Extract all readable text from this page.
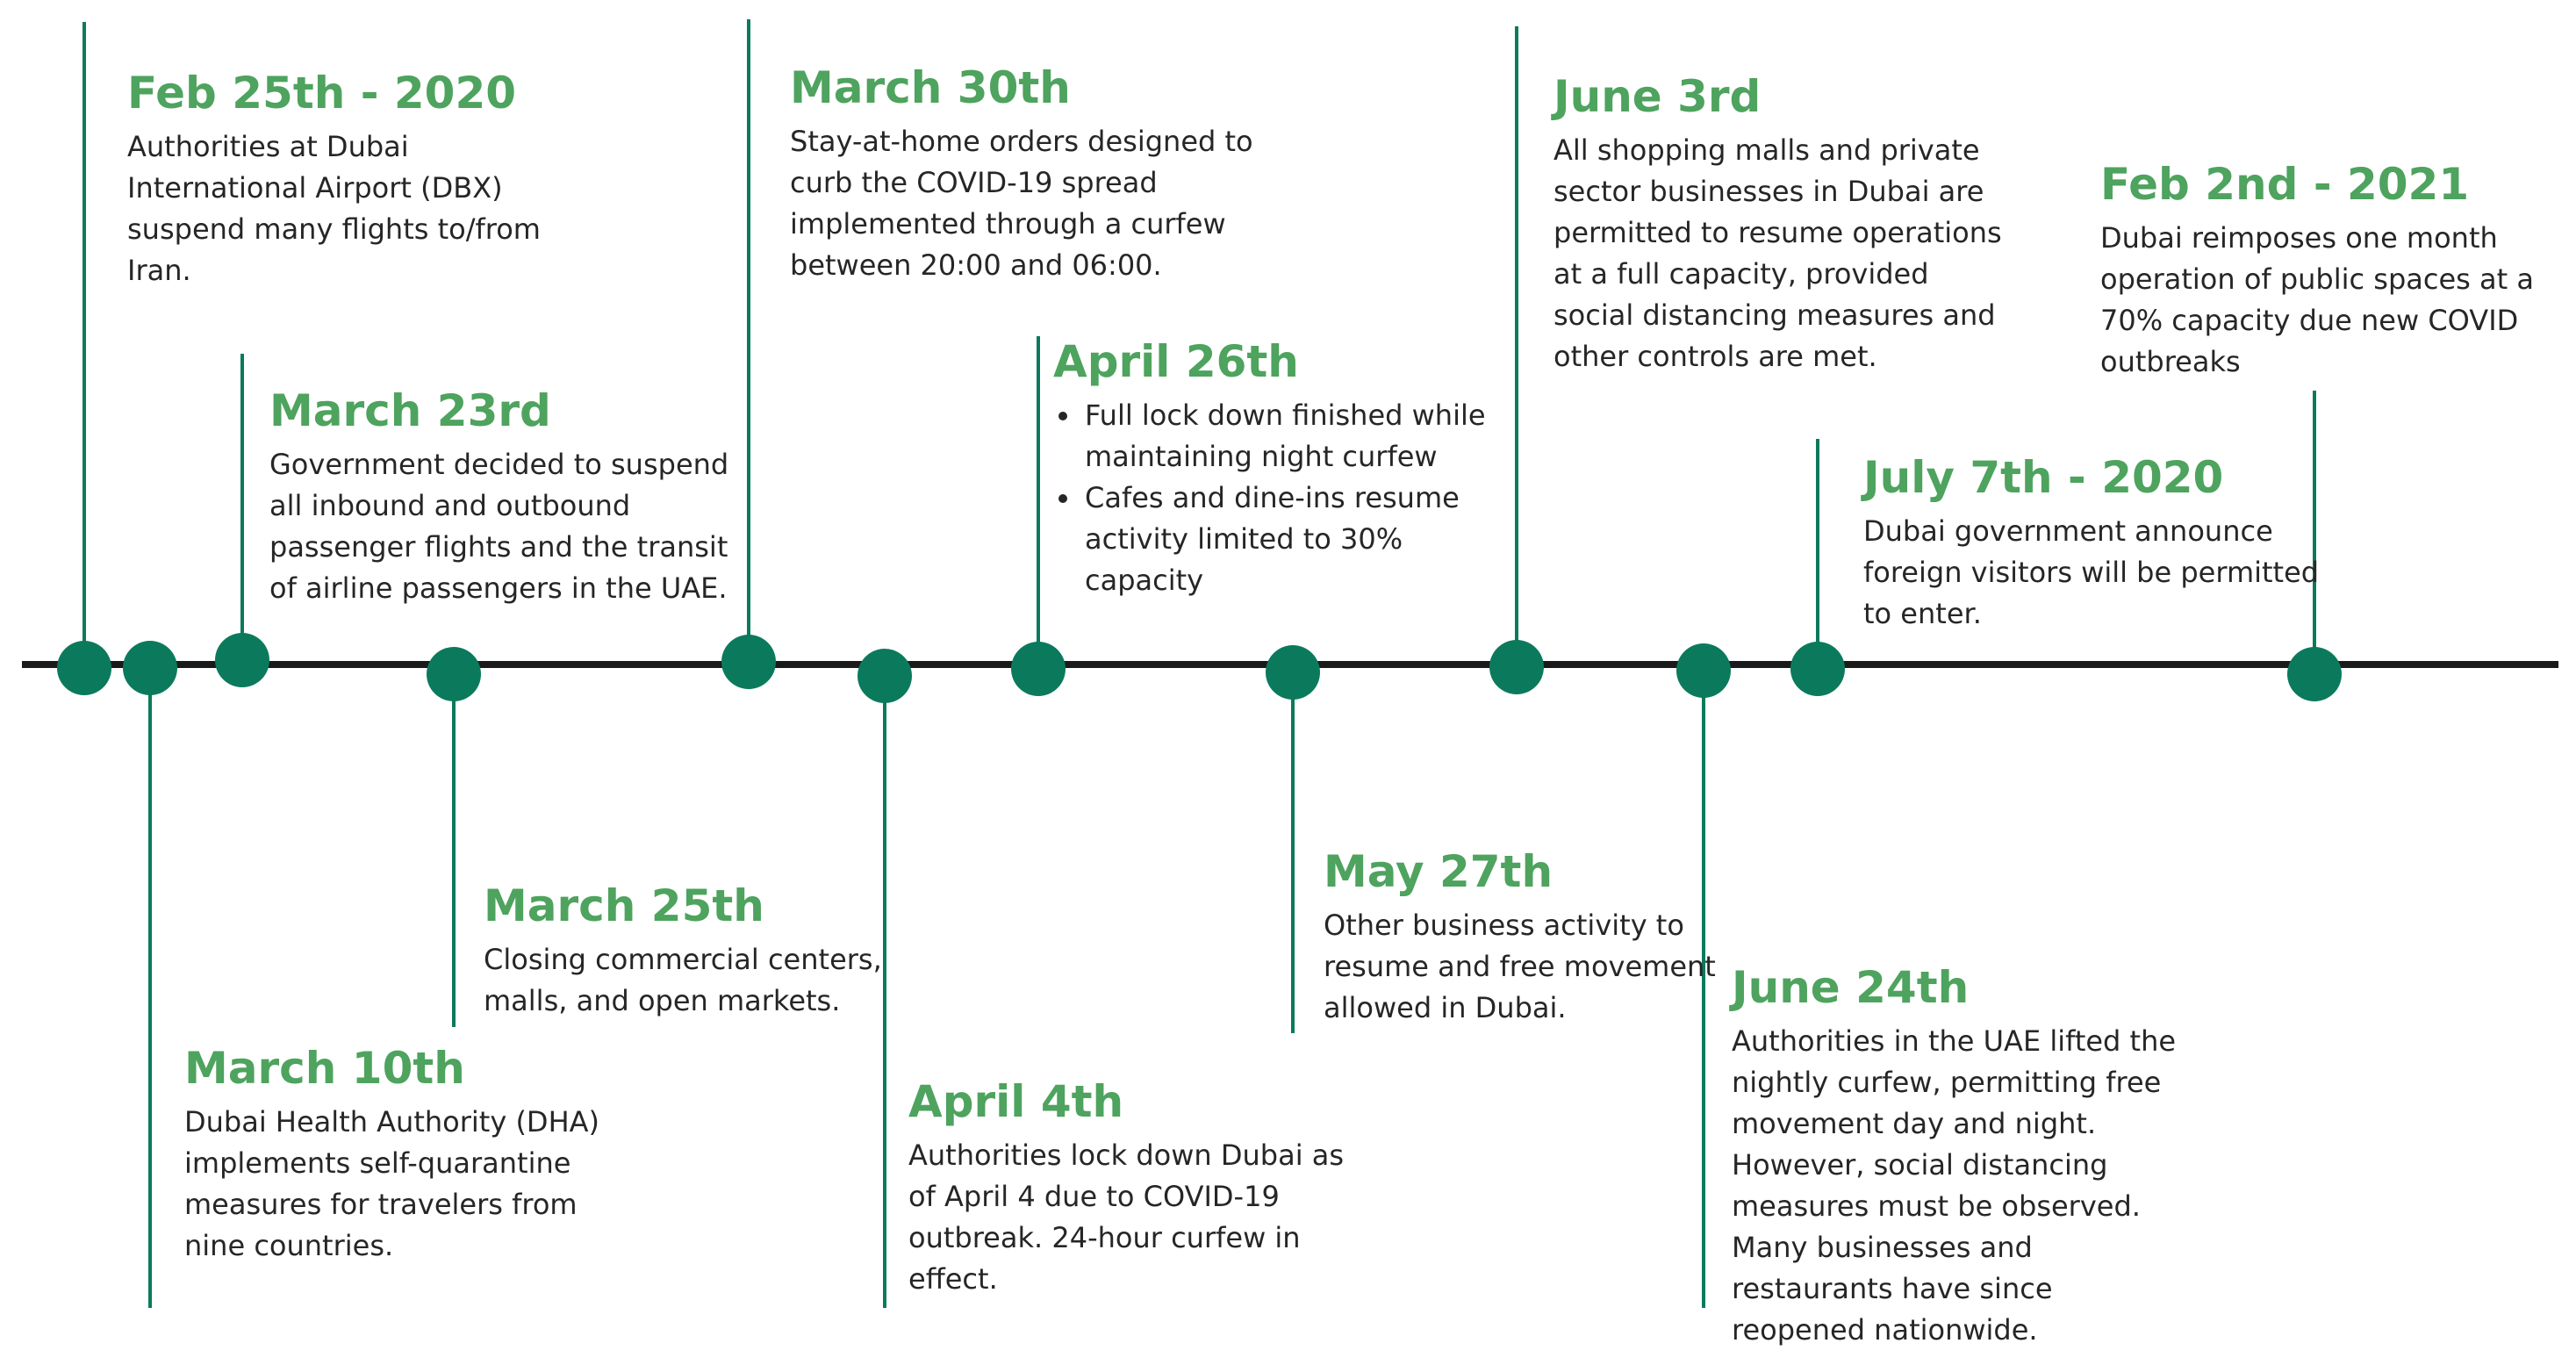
Feb 25th - 2020

Authorities at Dubai International Airport (DBX) suspend many flights to/from Iran.

March 23rd

Government decided to suspend all inbound and outbound passenger flights and the transit of airline passengers in the UAE.

March 30th

Stay-at-home orders designed to curb the COVID-19 spread implemented through a curfew between 20:00 and 06:00.

April 26th
Full lock down finished while maintaining night curfew
Cafes and dine-ins resume activity limited to 30% capacity
June 3rd

All shopping malls and private sector businesses in Dubai are permitted to resume operations at a full capacity, provided social distancing measures and other controls are met.

July 7th - 2020

Dubai government announce foreign visitors will be permitted to enter.

Feb 2nd - 2021

Dubai reimposes one month operation of public spaces at a 70% capacity due new COVID outbreaks

March 10th

Dubai Health Authority (DHA) implements self-quarantine measures for travelers from nine countries.

March 25th

Closing commercial centers, malls, and open markets.

April 4th

Authorities lock down Dubai as of April 4 due to COVID-19 outbreak. 24-hour curfew in effect.

May 27th

Other business activity to resume and free movement allowed in Dubai.	June 24th

Authorities in the UAE lifted the nightly curfew, permitting free movement day and night. However, social distancing measures must be observed. Many businesses and restaurants have since reopened nationwide.
